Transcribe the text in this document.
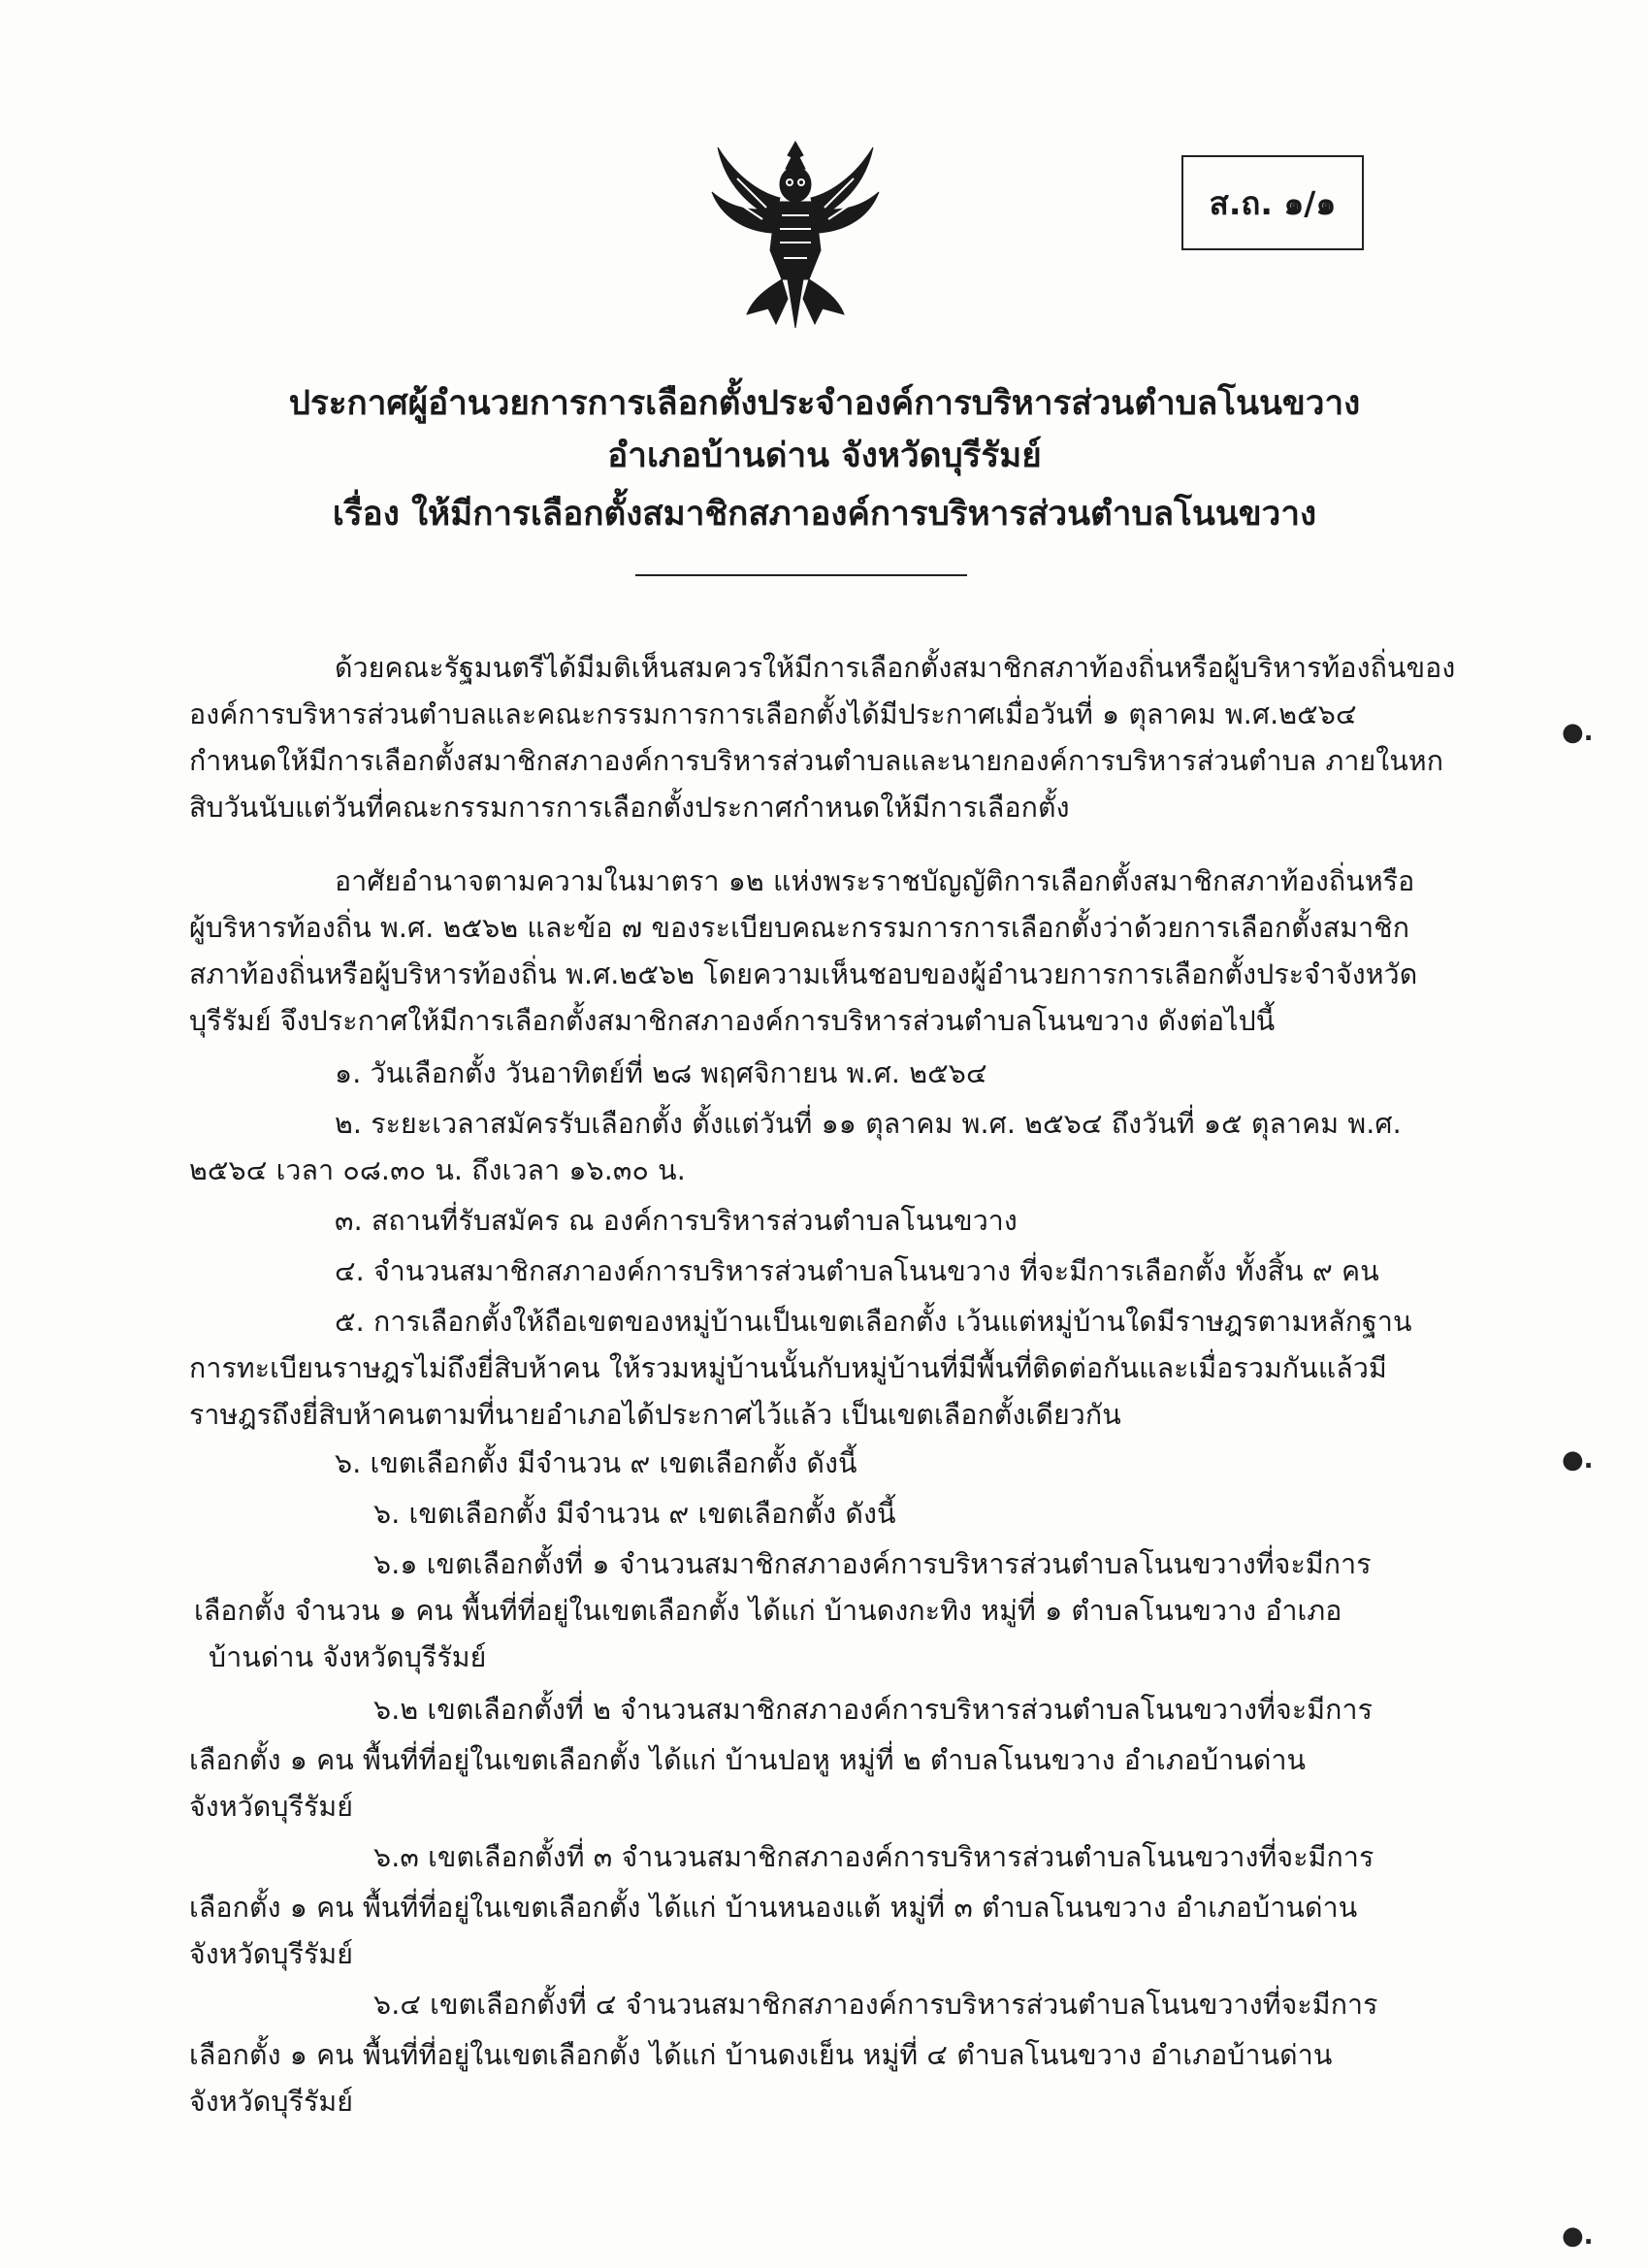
ส.ถ. ๑/๑
ประกาศผู้อำนวยการการเลือกตั้งประจำองค์การบริหารส่วนตำบลโนนขวาง
อำเภอบ้านด่าน จังหวัดบุรีรัมย์
เรื่อง ให้มีการเลือกตั้งสมาชิกสภาองค์การบริหารส่วนตำบลโนนขวาง
ด้วยคณะรัฐมนตรีได้มีมติเห็นสมควรให้มีการเลือกตั้งสมาชิกสภาท้องถิ่นหรือผู้บริหารท้องถิ่นของ
องค์การบริหารส่วนตำบลและคณะกรรมการการเลือกตั้งได้มีประกาศเมื่อวันที่ ๑ ตุลาคม พ.ศ.๒๕๖๔
กำหนดให้มีการเลือกตั้งสมาชิกสภาองค์การบริหารส่วนตำบลและนายกองค์การบริหารส่วนตำบล ภายในหก
สิบวันนับแต่วันที่คณะกรรมการการเลือกตั้งประกาศกำหนดให้มีการเลือกตั้ง
อาศัยอำนาจตามความในมาตรา ๑๒ แห่งพระราชบัญญัติการเลือกตั้งสมาชิกสภาท้องถิ่นหรือ
ผู้บริหารท้องถิ่น พ.ศ. ๒๕๖๒ และข้อ ๗ ของระเบียบคณะกรรมการการเลือกตั้งว่าด้วยการเลือกตั้งสมาชิก
สภาท้องถิ่นหรือผู้บริหารท้องถิ่น พ.ศ.๒๕๖๒ โดยความเห็นชอบของผู้อำนวยการการเลือกตั้งประจำจังหวัด
บุรีรัมย์ จึงประกาศให้มีการเลือกตั้งสมาชิกสภาองค์การบริหารส่วนตำบลโนนขวาง ดังต่อไปนี้
๑. วันเลือกตั้ง วันอาทิตย์ที่ ๒๘ พฤศจิกายน พ.ศ. ๒๕๖๔
๒. ระยะเวลาสมัครรับเลือกตั้ง ตั้งแต่วันที่ ๑๑ ตุลาคม พ.ศ. ๒๕๖๔ ถึงวันที่ ๑๕ ตุลาคม พ.ศ.
๒๕๖๔ เวลา ๐๘.๓๐ น. ถึงเวลา ๑๖.๓๐ น.
๓. สถานที่รับสมัคร ณ องค์การบริหารส่วนตำบลโนนขวาง
๔. จำนวนสมาชิกสภาองค์การบริหารส่วนตำบลโนนขวาง ที่จะมีการเลือกตั้ง ทั้งสิ้น ๙ คน
๕. การเลือกตั้งให้ถือเขตของหมู่บ้านเป็นเขตเลือกตั้ง เว้นแต่หมู่บ้านใดมีราษฎรตามหลักฐาน
การทะเบียนราษฎรไม่ถึงยี่สิบห้าคน ให้รวมหมู่บ้านนั้นกับหมู่บ้านที่มีพื้นที่ติดต่อกันและเมื่อรวมกันแล้วมี
ราษฎรถึงยี่สิบห้าคนตามที่นายอำเภอได้ประกาศไว้แล้ว เป็นเขตเลือกตั้งเดียวกัน
๖. เขตเลือกตั้ง มีจำนวน ๙ เขตเลือกตั้ง ดังนี้
๖. เขตเลือกตั้ง มีจำนวน ๙ เขตเลือกตั้ง ดังนี้
๖.๑ เขตเลือกตั้งที่ ๑ จำนวนสมาชิกสภาองค์การบริหารส่วนตำบลโนนขวางที่จะมีการ
เลือกตั้ง จำนวน ๑ คน พื้นที่ที่อยู่ในเขตเลือกตั้ง ได้แก่ บ้านดงกะทิง หมู่ที่ ๑ ตำบลโนนขวาง อำเภอ
บ้านด่าน จังหวัดบุรีรัมย์
๖.๒ เขตเลือกตั้งที่ ๒ จำนวนสมาชิกสภาองค์การบริหารส่วนตำบลโนนขวางที่จะมีการ
เลือกตั้ง ๑ คน พื้นที่ที่อยู่ในเขตเลือกตั้ง ได้แก่ บ้านปอหู หมู่ที่ ๒ ตำบลโนนขวาง อำเภอบ้านด่าน
จังหวัดบุรีรัมย์
๖.๓ เขตเลือกตั้งที่ ๓ จำนวนสมาชิกสภาองค์การบริหารส่วนตำบลโนนขวางที่จะมีการ
เลือกตั้ง ๑ คน พื้นที่ที่อยู่ในเขตเลือกตั้ง ได้แก่ บ้านหนองแต้ หมู่ที่ ๓ ตำบลโนนขวาง อำเภอบ้านด่าน
จังหวัดบุรีรัมย์
๖.๔ เขตเลือกตั้งที่ ๔ จำนวนสมาชิกสภาองค์การบริหารส่วนตำบลโนนขวางที่จะมีการ
เลือกตั้ง ๑ คน พื้นที่ที่อยู่ในเขตเลือกตั้ง ได้แก่ บ้านดงเย็น หมู่ที่ ๔ ตำบลโนนขวาง อำเภอบ้านด่าน
จังหวัดบุรีรัมย์
●.
●.
●.
